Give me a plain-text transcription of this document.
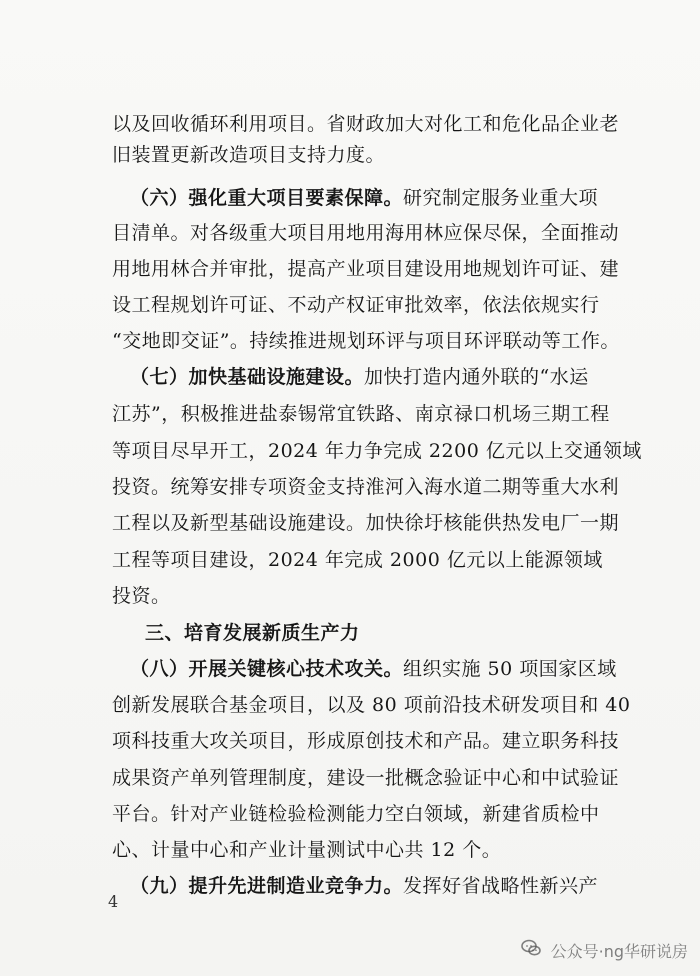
以及回收循环利用项目。省财政加大对化工和危化品企业老
旧装置更新改造项目支持力度。
（六）强化重大项目要素保障。研究制定服务业重大项
目清单。对各级重大项目用地用海用林应保尽保，全面推动
用地用林合并审批，提高产业项目建设用地规划许可证、建
设工程规划许可证、不动产权证审批效率，依法依规实行
“交地即交证”。持续推进规划环评与项目环评联动等工作。
（七）加快基础设施建设。加快打造内通外联的“水运
江苏”，积极推进盐泰锡常宜铁路、南京禄口机场三期工程
等项目尽早开工，2024 年力争完成 2200 亿元以上交通领域
投资。统筹安排专项资金支持淮河入海水道二期等重大水利
工程以及新型基础设施建设。加快徐圩核能供热发电厂一期
工程等项目建设，2024 年完成 2000 亿元以上能源领域
投资。
三、培育发展新质生产力
（八）开展关键核心技术攻关。组织实施 50 项国家区域
创新发展联合基金项目，以及 80 项前沿技术研发项目和 40
项科技重大攻关项目，形成原创技术和产品。建立职务科技
成果资产单列管理制度，建设一批概念验证中心和中试验证
平台。针对产业链检验检测能力空白领域，新建省质检中
心、计量中心和产业计量测试中心共 12 个。
（九）提升先进制造业竞争力。发挥好省战略性新兴产
4
公众号·ng华研说房
